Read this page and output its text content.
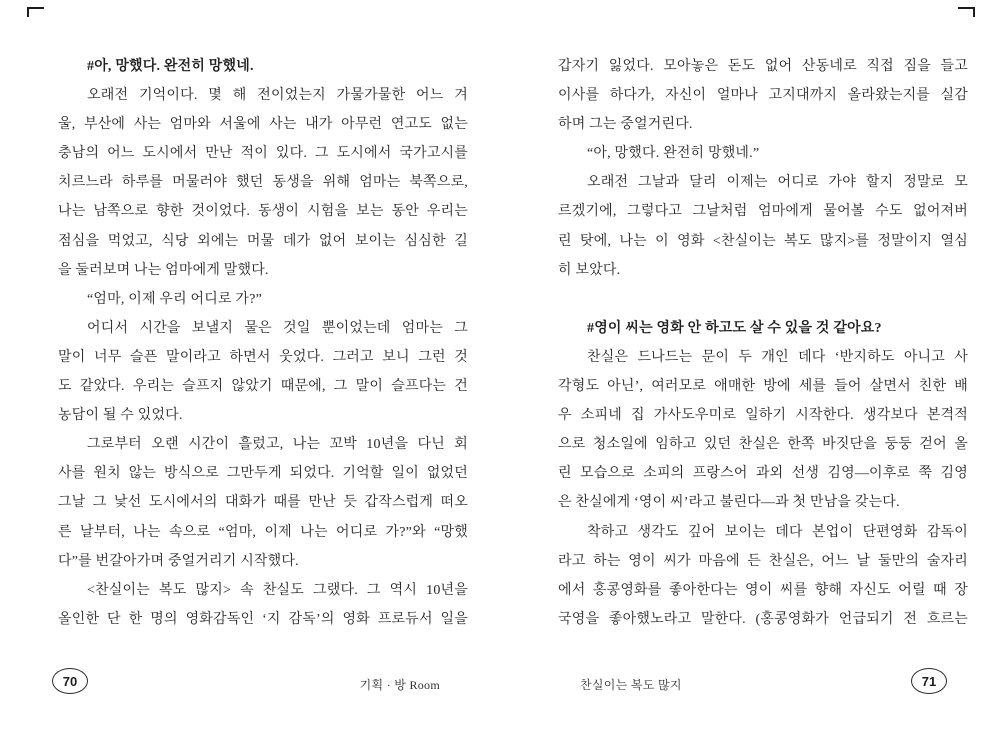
#아, 망했다. 완전히 망했네.
오래전 기억이다. 몇 해 전이었는지 가물가물한 어느 겨
울, 부산에 사는 엄마와 서울에 사는 내가 아무런 연고도 없는
충남의 어느 도시에서 만난 적이 있다. 그 도시에서 국가고시를
치르느라 하루를 머물러야 했던 동생을 위해 엄마는 북쪽으로,
나는 남쪽으로 향한 것이었다. 동생이 시험을 보는 동안 우리는
점심을 먹었고, 식당 외에는 머물 데가 없어 보이는 심심한 길
을 둘러보며 나는 엄마에게 말했다.
“엄마, 이제 우리 어디로 가?”
어디서 시간을 보낼지 물은 것일 뿐이었는데 엄마는 그
말이 너무 슬픈 말이라고 하면서 웃었다. 그러고 보니 그런 것
도 같았다. 우리는 슬프지 않았기 때문에, 그 말이 슬프다는 건
농담이 될 수 있었다.
그로부터 오랜 시간이 흘렀고, 나는 꼬박 10년을 다닌 회
사를 원치 않는 방식으로 그만두게 되었다. 기억할 일이 없었던
그날 그 낯선 도시에서의 대화가 때를 만난 듯 갑작스럽게 떠오
른 날부터, 나는 속으로 “엄마, 이제 나는 어디로 가?”와 “망했
다”를 번갈아가며 중얼거리기 시작했다.
<찬실이는 복도 많지> 속 찬실도 그랬다. 그 역시 10년을
올인한 단 한 명의 영화감독인 ‘지 감독’의 영화 프로듀서 일을
70	기획 · 방 Room
갑자기 잃었다. 모아놓은 돈도 없어 산동네로 직접 짐을 들고
이사를 하다가, 자신이 얼마나 고지대까지 올라왔는지를 실감
하며 그는 중얼거린다.
“아, 망했다. 완전히 망했네.”
오래전 그날과 달리 이제는 어디로 가야 할지 정말로 모
르겠기에, 그렇다고 그날처럼 엄마에게 물어볼 수도 없어져버
린 탓에, 나는 이 영화 <찬실이는 복도 많지>를 정말이지 열심
히 보았다.
#영이 씨는 영화 안 하고도 살 수 있을 것 같아요?
찬실은 드나드는 문이 두 개인 데다 ‘반지하도 아니고 사
각형도 아닌’, 여러모로 애매한 방에 세를 들어 살면서 친한 배
우 소피네 집 가사도우미로 일하기 시작한다. 생각보다 본격적
으로 청소일에 임하고 있던 찬실은 한쪽 바짓단을 둥둥 걷어 올
린 모습으로 소피의 프랑스어 과외 선생 김영—이후로 쭉 김영
은 찬실에게 ‘영이 씨’라고 불린다—과 첫 만남을 갖는다.
착하고 생각도 깊어 보이는 데다 본업이 단편영화 감독이
라고 하는 영이 씨가 마음에 든 찬실은, 어느 날 둘만의 술자리
에서 홍콩영화를 좋아한다는 영이 씨를 향해 자신도 어릴 때 장
국영을 좋아했노라고 말한다. (홍콩영화가 언급되기 전 흐르는
찬실이는 복도 많지	71
